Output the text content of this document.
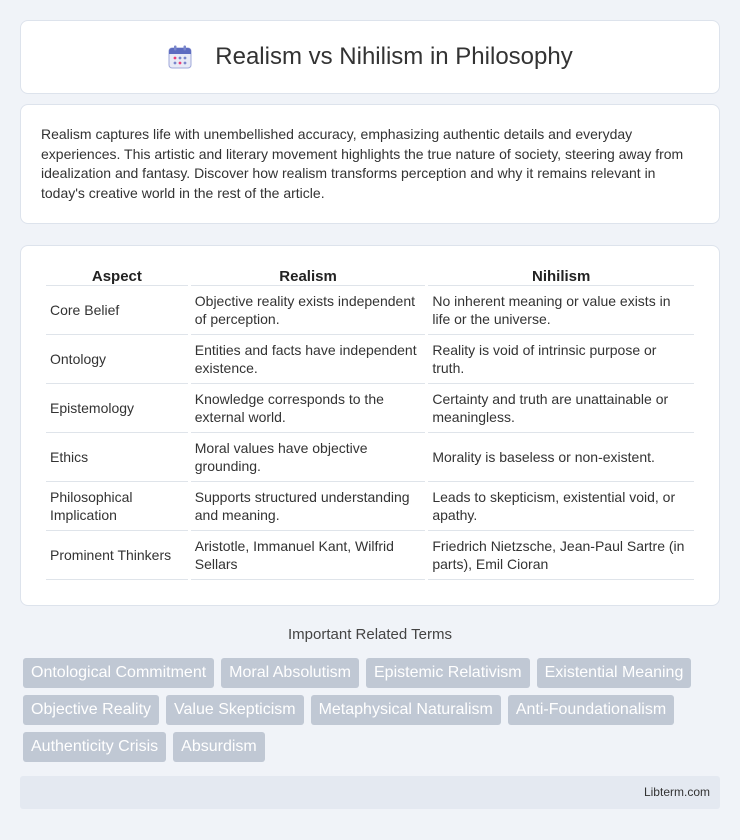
Realism vs Nihilism in Philosophy

Realism captures life with unembellished accuracy, emphasizing authentic details and everyday experiences. This artistic and literary movement highlights the true nature of society, steering away from idealization and fantasy. Discover how realism transforms perception and why it remains relevant in today's creative world in the rest of the article.

Aspect	Realism	Nihilism
Core Belief	Objective reality exists independent of perception.	No inherent meaning or value exists in life or the universe.
Ontology	Entities and facts have independent existence.	Reality is void of intrinsic purpose or truth.
Epistemology	Knowledge corresponds to the external world.	Certainty and truth are unattainable or meaningless.
Ethics	Moral values have objective grounding.	Morality is baseless or non-existent.
Philosophical Implication	Supports structured understanding and meaning.	Leads to skepticism, existential void, or apathy.
Prominent Thinkers	Aristotle, Immanuel Kant, Wilfrid Sellars	Friedrich Nietzsche, Jean-Paul Sartre (in parts), Emil Cioran
Important Related Terms
Ontological Commitment	Moral Absolutism	Epistemic Relativism	Existential Meaning
Objective Reality	Value Skepticism	Metaphysical Naturalism	Anti-Foundationalism
Authenticity Crisis	Absurdism
Libterm.com
